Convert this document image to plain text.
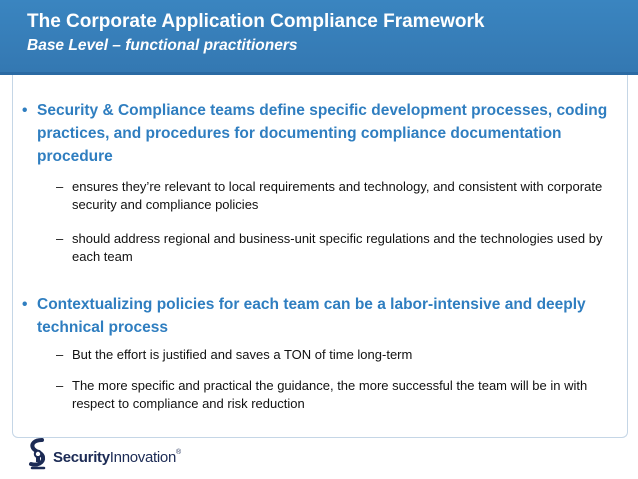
The Corporate Application Compliance Framework
Base Level – functional practitioners
• Security & Compliance teams define specific development processes, coding practices, and procedures for documenting compliance documentation procedure
– ensures they’re relevant to local requirements and technology, and consistent with corporate security and compliance policies
– should address regional and business-unit specific regulations and the technologies used by each team
• Contextualizing policies for each team can be a labor-intensive and deeply technical process
– But the effort is justified and saves a TON of time long-term
– The more specific and practical the guidance, the more successful the team will be in with respect to compliance and risk reduction
SecurityInnovation®
